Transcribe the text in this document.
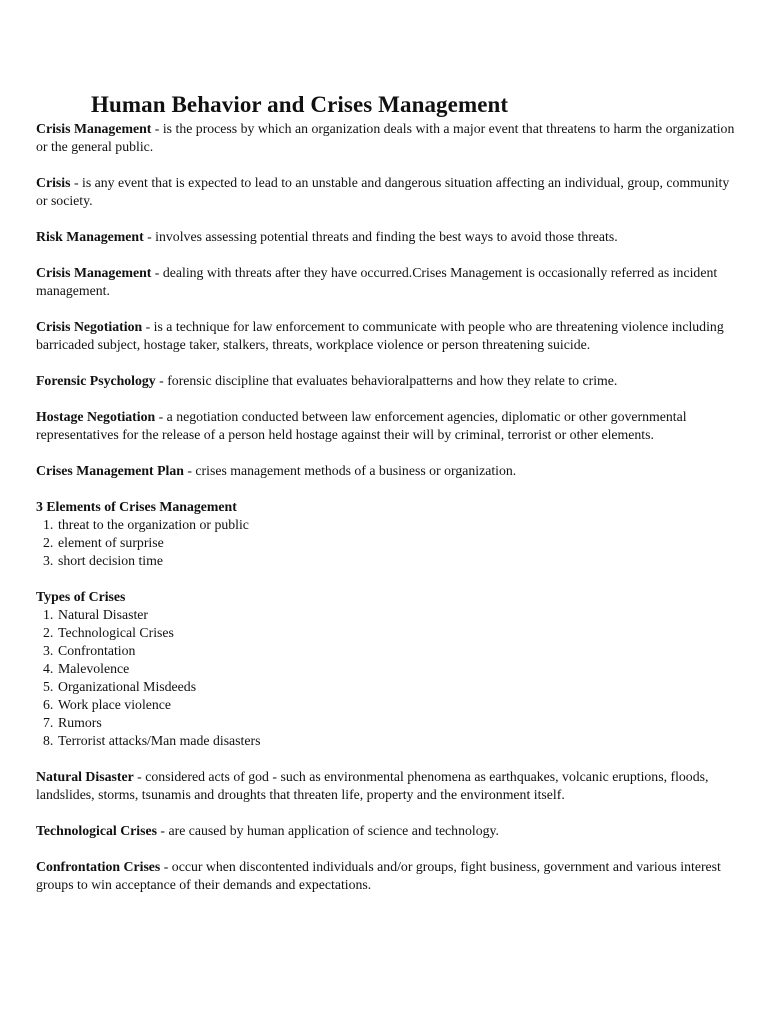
Human Behavior and Crises Management

Crisis Management - is the process by which an organization deals with a major event that threatens to harm the organization or the general public.

Crisis - is any event that is expected to lead to an unstable and dangerous situation affecting an individual, group, community or society.

Risk Management - involves assessing potential threats and finding the best ways to avoid those threats.

Crisis Management - dealing with threats after they have occurred.Crises Management is occasionally referred as incident management.

Crisis Negotiation - is a technique for law enforcement to communicate with people who are threatening violence including barricaded subject, hostage taker, stalkers, threats, workplace violence or person threatening suicide.

Forensic Psychology - forensic discipline that evaluates behavioralpatterns and how they relate to crime.

Hostage Negotiation - a negotiation conducted between law enforcement agencies, diplomatic or other governmental representatives for the release of a person held hostage against their will by criminal, terrorist or other elements.

Crises Management Plan - crises management methods of a business or organization.

3 Elements of Crises Management
1. threat to the organization or public
2. element of surprise
3. short decision time
Types of Crises
1. Natural Disaster
2. Technological Crises
3. Confrontation
4. Malevolence
5. Organizational Misdeeds
6. Work place violence
7. Rumors
8. Terrorist attacks/Man made disasters

Natural Disaster - considered acts of god - such as environmental phenomena as earthquakes, volcanic eruptions, floods, landslides, storms, tsunamis and droughts that threaten life, property and the environment itself.

Technological Crises - are caused by human application of science and technology.

Confrontation Crises - occur when discontented individuals and/or groups, fight business, government and various interest groups to win acceptance of their demands and expectations.
